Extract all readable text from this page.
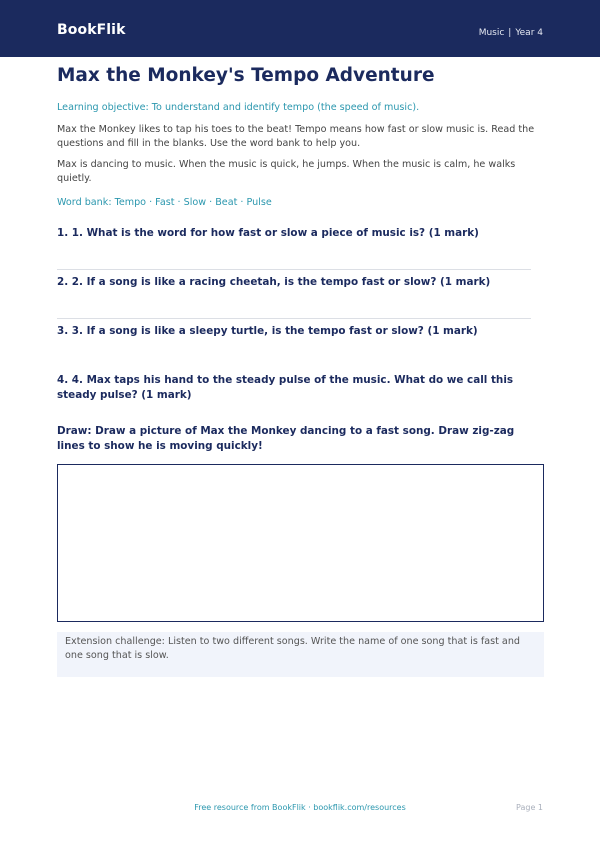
BookFlik	Music | Year 4
Max the Monkey's Tempo Adventure

Learning objective: To understand and identify tempo (the speed of music).

Max the Monkey likes to tap his toes to the beat! Tempo means how fast or slow music is. Read the questions and fill in the blanks. Use the word bank to help you.

Max is dancing to music. When the music is quick, he jumps. When the music is calm, he walks quietly.

Word bank: Tempo · Fast · Slow · Beat · Pulse

1. 1. What is the word for how fast or slow a piece of music is? (1 mark)

2. 2. If a song is like a racing cheetah, is the tempo fast or slow? (1 mark)

3. 3. If a song is like a sleepy turtle, is the tempo fast or slow? (1 mark)

4. 4. Max taps his hand to the steady pulse of the music. What do we call this steady pulse? (1 mark)

Draw: Draw a picture of Max the Monkey dancing to a fast song. Draw zig-zag lines to show he is moving quickly!

Extension challenge: Listen to two different songs. Write the name of one song that is fast and one song that is slow.
Free resource from BookFlik · bookflik.com/resources	Page 1
